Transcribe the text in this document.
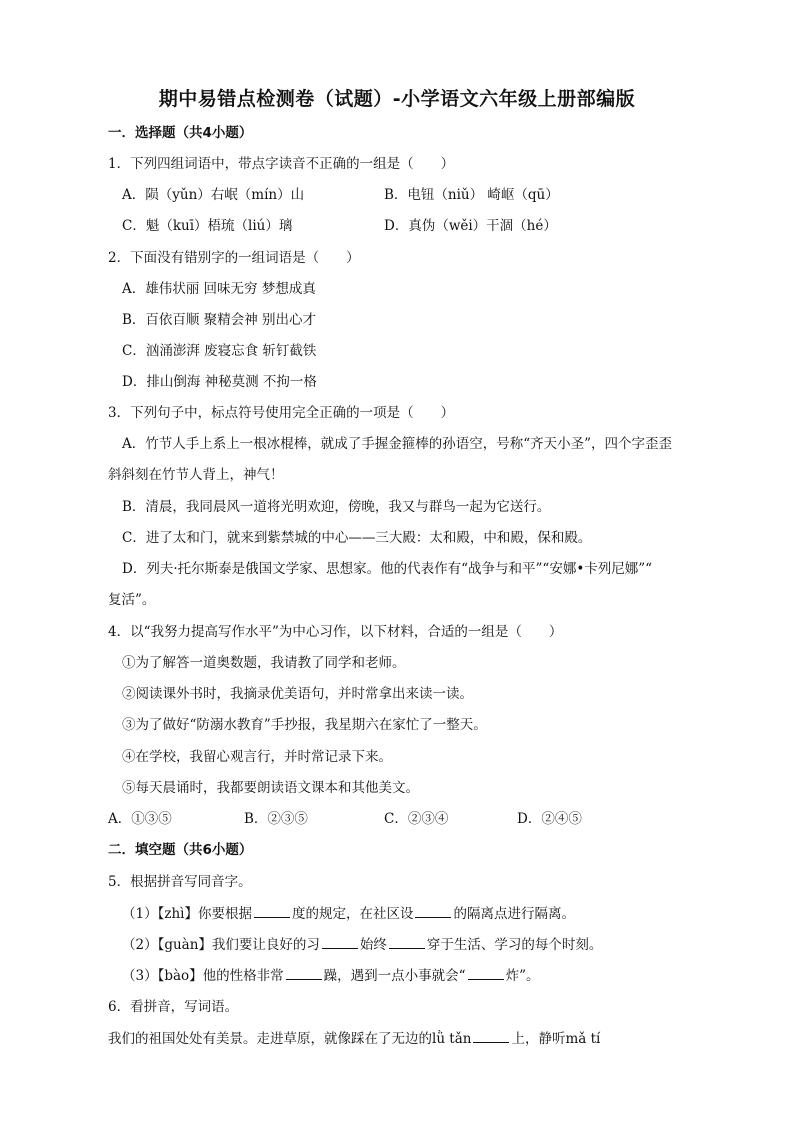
期中易错点检测卷（试题）-小学语文六年级上册部编版
一．选择题（共4小题）
1．下列四组词语中，带点字读音不正确的一组是（　　）
A．陨（yǔn）右岷（mín）山	B．电钮（niǔ） 崎岖（qū）
C．魁（kuī）梧琉（liú）璃	D．真伪（wěi）干涸（hé）
2．下面没有错别字的一组词语是（　　）
A．雄伟状丽 回味无穷 梦想成真
B．百依百顺 聚精会神 别出心才
C．汹涌澎湃 废寝忘食 斩钉截铁
D．排山倒海 神秘莫测 不拘一格
3．下列句子中，标点符号使用完全正确的一项是（　　）
A．竹节人手上系上一根冰棍棒，就成了手握金箍棒的孙语空，号称“齐天小圣”，四个字歪歪
斜斜刻在竹节人背上，神气！
B．清晨，我同晨风一道将光明欢迎，傍晚，我又与群鸟一起为它送行。
C．进了太和门，就来到紫禁城的中心——三大殿：太和殿，中和殿，保和殿。
D．列夫·托尔斯泰是俄国文学家、思想家。他的代表作有“战争与和平”“安娜•卡列尼娜”“
复活”。
4．以“我努力提高写作水平”为中心习作，以下材料，合适的一组是（　　）
①为了解答一道奥数题，我请教了同学和老师。
②阅读课外书时，我摘录优美语句，并时常拿出来读一读。
③为了做好“防溺水教育”手抄报，我星期六在家忙了一整天。
④在学校，我留心观言行，并时常记录下来。
⑤每天晨诵时，我都要朗读语文课本和其他美文。
A．①③⑤	B．②③⑤	C．②③④	D．②④⑤
二．填空题（共6小题）
5．根据拼音写同音字。
（1）【zhì】你要根据	度的规定，在社区设	的隔离点进行隔离。
（2）【guàn】我们要让良好的习	始终	穿于生活、学习的每个时刻。
（3）【bào】他的性格非常	躁，遇到一点小事就会“	炸”。
6．看拼音，写词语。
我们的祖国处处有美景。走进草原，就像踩在了无边的lǜ tǎn	上，静听mǎ tí
